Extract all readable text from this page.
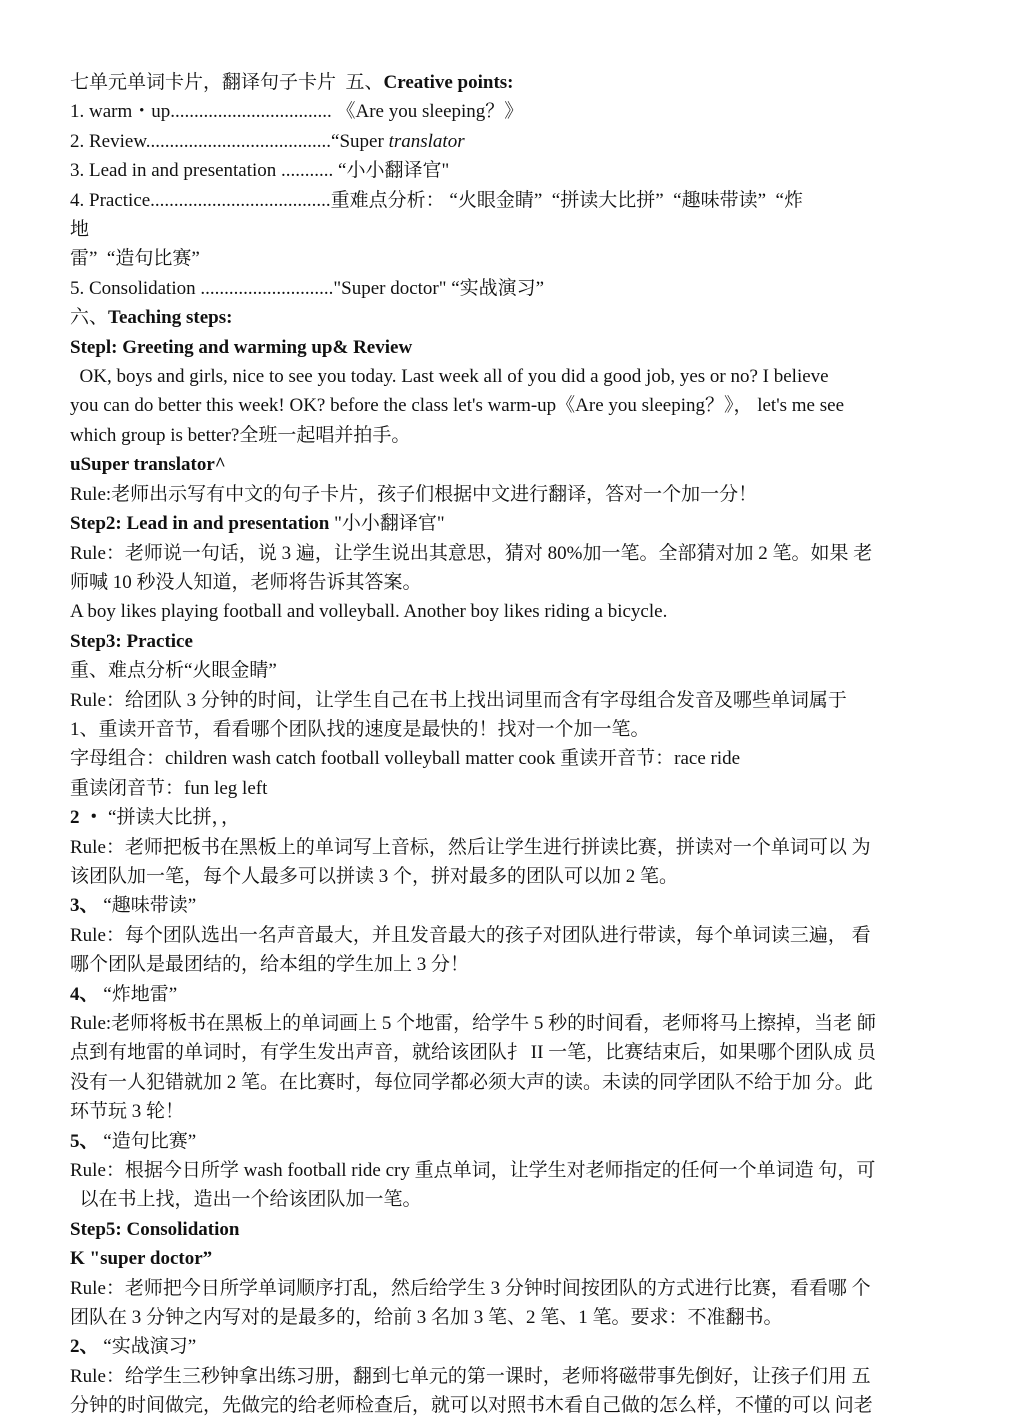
七单元单词卡片，翻译句子卡片  五、Creative points:

1. warm・up.................................. 《Are you sleeping？》

2. Review.......................................“Super translator

3. Lead in and presentation ........... “小小翻译官"

4. Practice......................................重难点分析： “火眼金睛”  “拼读大比拼”  “趣味带读”  “炸

地

雷”  “造句比赛”

5. Consolidation ............................"Super doctor" “实战演习”

六、Teaching steps:

Stepl: Greeting and warming up& Review

OK, boys and girls, nice to see you today. Last week all of you did a good job, yes or no? I believe

you can do better this week! OK? before the class let's warm-up《Are you sleeping？》， let's me see

which group is better?全班一起唱并拍手。

uSuper translator^

Rule:老师出示写有中文的句子卡片，孩子们根据中文进行翻译，答对一个加一分！

Step2: Lead in and presentation "小小翻译官"

Rule：老师说一句话，说 3 遍，让学生说出其意思，猜对 80%加一笔。全部猜对加 2 笔。如果 老

师喊 10 秒没人知道，老师将告诉其答案。

A boy likes playing football and volleyball. Another boy likes riding a bicycle.

Step3: Practice

重、难点分析“火眼金睛”

Rule：给团队 3 分钟的时间，让学生自己在书上找出词里而含有字母组合发音及哪些单词属于

1、重读开音节，看看哪个团队找的速度是最快的！找对一个加一笔。

字母组合：children wash catch football volleyball matter cook 重读开音节：race ride

重读闭音节：fun leg left

2 ・ “拼读大比拼，，

Rule：老师把板书在黑板上的单词写上音标，然后让学生进行拼读比赛，拼读对一个单词可以 为

该团队加一笔，每个人最多可以拼读 3 个，拼对最多的团队可以加 2 笔。

3、 “趣味带读”

Rule：每个团队选出一名声音最大，并且发音最大的孩子对团队进行带读，每个单词读三遍， 看

哪个团队是最团结的，给本组的学生加上 3 分！

4、 “炸地雷”

Rule:老师将板书在黑板上的单词画上 5 个地雷，给学牛 5 秒的时间看，老师将马上擦掉，当老 師

点到有地雷的单词时，有学生发出声音，就给该团队扌 II 一笔，比赛结束后，如果哪个团队成 员

没有一人犯错就加 2 笔。在比赛时，每位同学都必须大声的读。未读的同学团队不给于加 分。此

环节玩 3 轮！

5、 “造句比赛”

Rule：根据今日所学 wash football ride cry 重点单词，让学生对老师指定的任何一个单词造 句，可

以在书上找，造出一个给该团队加一笔。

Step5: Consolidation

K "super doctor”

Rule：老师把今日所学单词顺序打乱，然后给学生 3 分钟时间按团队的方式进行比赛，看看哪 个

团队在 3 分钟之内写对的是最多的，给前 3 名加 3 笔、2 笔、1 笔。要求：不准翻书。

2、 “实战演习”

Rule：给学生三秒钟拿出练习册，翻到七单元的第一课时，老师将磁带事先倒好，让孩子们用 五

分钟的时间做完，先做完的给老师检查后，就可以对照书木看自己做的怎么样，不懂的可以 问老
